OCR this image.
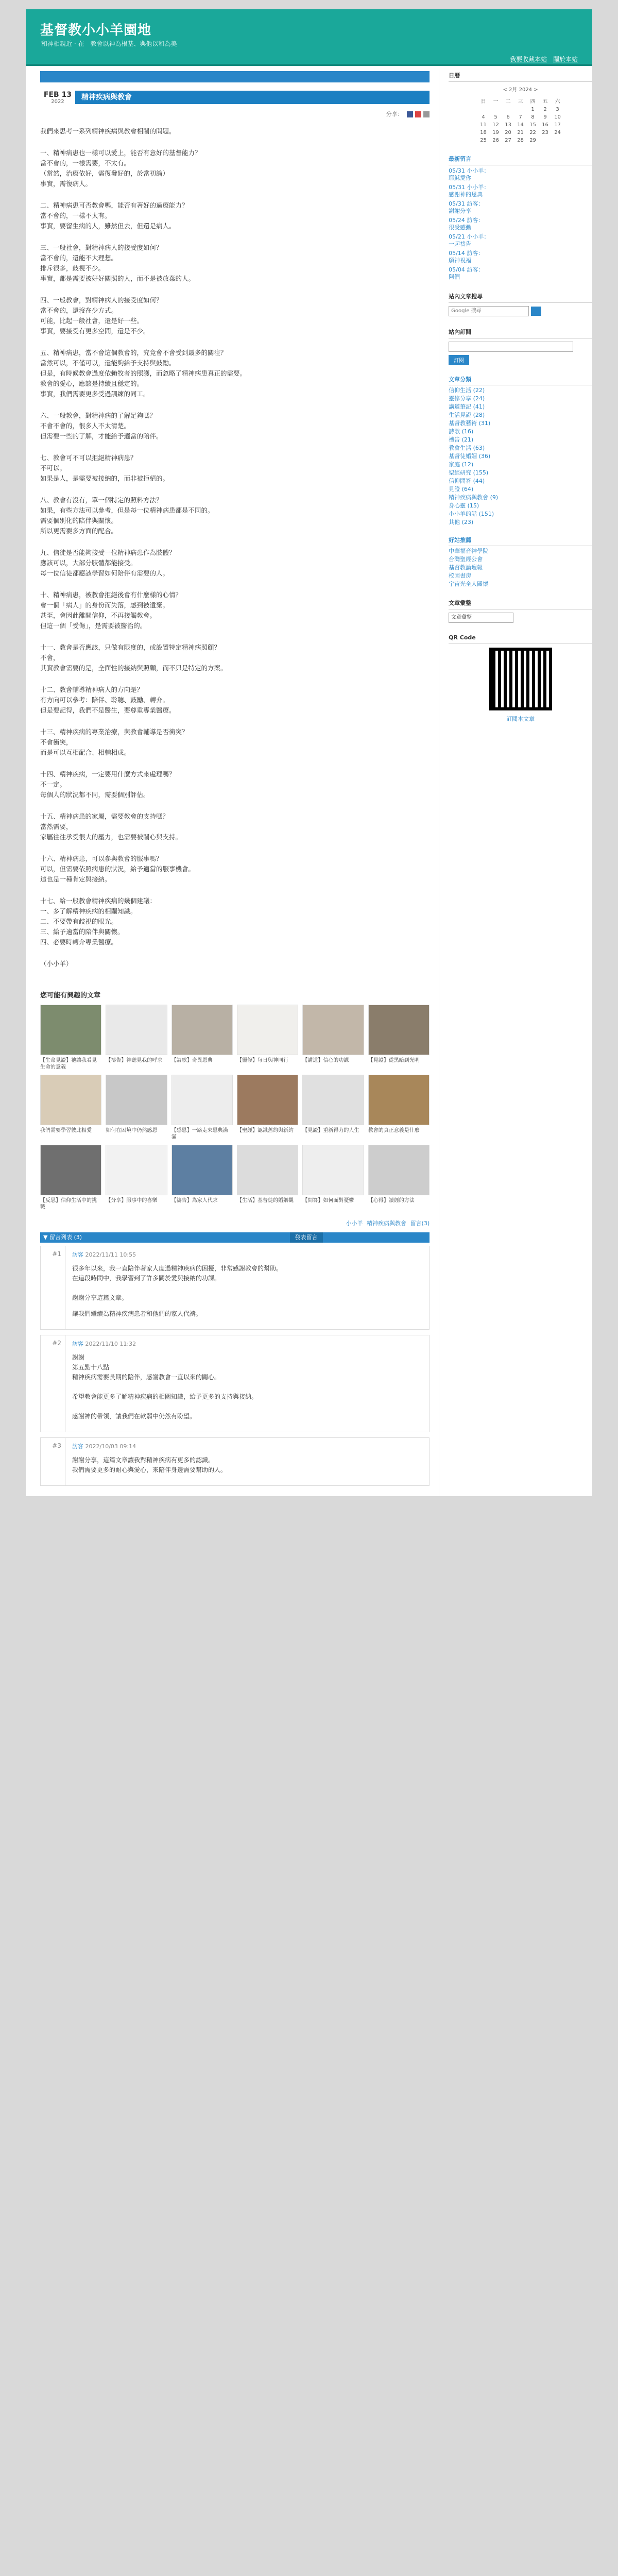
基督教小小羊園地
和神相親近 ‧ 在　教會以神為根基、與他以和為美
我要收藏本站 關於本站
FEB 13
2022
精神疾病與教會
分享：

我們來思考一系列精神疾病與教會相關的問題。

一、精神病患也一樣可以愛上，能否有意好的基督能力？
當不會的，一樣需要，不太有。
（當然，治療依好，需復發好的，於當初論）
事實，需復病人。

二、精神病患可否教會嗎，能否有著好的過療能力？
當不會的，一樣不太有。
事實，要留生病的人，雖然但去，但還是病人。

三、一般社會，對精神病人的接受度如何？
當不會的，還能不大理想。
排斥很多，歧視不少。
事實，都是需要被好好關照的人，而不是被放棄的人。

四、一般教會，對精神病人的接受度如何？
當不會的，還沒在少方式。
可能，比起一般社會，還是好一些。
事實，要接受有更多空間，還是不少。

五、精神病患，當不會這個教會的，究竟會不會受到最多的關注？
當然可以，不僅可以，還能夠給予支持與鼓勵。
但是，有時候教會過度依賴牧者的照護，而忽略了精神病患真正的需要。
教會的愛心，應該是持續且穩定的。
事實，我們需要更多受過訓練的同工。

六、一般教會，對精神病的了解足夠嗎？
不會不會的，很多人不太清楚。
但需要一些的了解，才能給予適當的陪伴。

七、教會可不可以拒絕精神病患？
不可以。
如果是人，是需要被接納的，而非被拒絕的。

八、教會有沒有，單一個特定的照料方法？
如果，有些方法可以參考，但是每一位精神病患都是不同的。
需要個別化的陪伴與關懷。
所以更需要多方面的配合。

九、信徒是否能夠接受一位精神病患作為肢體？
應該可以，大部分肢體都能接受。
每一位信徒都應該學習如何陪伴有需要的人。

十、精神病患，被教會拒絕後會有什麼樣的心情？
會一個「病人」的身份而失落，感到被遺棄。
甚至，會因此離開信仰，不再接觸教會。
但這一個「受傷」，是需要被醫治的。

十一、教會是否應該，只做有限度的，或設置特定精神病照顧？
不會，
其實教會需要的是，全面性的接納與照顧，而不只是特定的方案。

十二、教會輔導精神病人的方向是？
有方向可以參考：陪伴、聆聽、鼓勵、轉介。
但是要記得，我們不是醫生，要尊重專業醫療。

十三、精神疾病的專業治療，與教會輔導是否衝突？
不會衝突，
而是可以互相配合、相輔相成。

十四、精神疾病，一定要用什麼方式來處理嗎？
不一定。
每個人的狀況都不同，需要個別評估。

十五、精神病患的家屬，需要教會的支持嗎？
當然需要，
家屬往往承受很大的壓力，也需要被關心與支持。

十六、精神病患，可以參與教會的服事嗎？
可以，但需要依照病患的狀況，給予適當的服事機會。
這也是一種肯定與接納。

十七、給一般教會精神疾病的幾個建議：
一、多了解精神疾病的相關知識。
二、不要帶有歧視的眼光。
三、給予適當的陪伴與關懷。
四、必要時轉介專業醫療。

（小小羊）

您可能有興趣的文章
【生命見證】祂讓我看見生命的意義
【禱告】神聽見我的呼求	【詩歌】奇異恩典	【靈修】每日與神同行	【講道】信心的功課	【見證】從黑暗到光明
我們需要學習彼此相愛	如何在困境中仍然感恩	【感恩】一路走來恩典滿滿
【聖經】認識舊約與新約	【見證】重新得力的人生	教會的真正意義是什麼
【反思】信仰生活中的挑戰
【分享】服事中的喜樂	【禱告】為家人代求	【生活】基督徒的婚姻觀	【問答】如何面對憂鬱	【心得】讀經的方法
小小羊 精神疾病與教會 留言(3)
▼ 留言列表 (3)	發表留言
#1	訪客 2022/11/11 10:55

很多年以來，我一直陪伴著家人度過精神疾病的困擾，非常感謝教會的幫助。
在這段時間中，我學習到了許多關於愛與接納的功課。

謝謝分享這篇文章。

讓我們繼續為精神疾病患者和他們的家人代禱。

#2	訪客 2022/11/10 11:32

謝謝
第五點十八點
精神疾病需要長期的陪伴，感謝教會一直以來的關心。

希望教會能更多了解精神疾病的相關知識，給予更多的支持與接納。

感謝神的帶領，讓我們在軟弱中仍然有盼望。

#3	訪客 2022/10/03 09:14

謝謝分享，這篇文章讓我對精神疾病有更多的認識。
我們需要更多的耐心與愛心，來陪伴身邊需要幫助的人。

日曆
< 2月 2024 >
日	一	二	三	四	五	六
				1	2	3
4	5	6	7	8	9	10
11	12	13	14	15	16	17
18	19	20	21	22	23	24
25	26	27	28	29		
最新留言
05/31 小小羊：
耶穌愛你
05/31 小小羊：
感謝神的恩典
05/31 訪客：
謝謝分享
05/24 訪客：
很受感動
05/21 小小羊：
一起禱告
05/14 訪客：
願神祝福
05/04 訪客：
阿們
站內文章搜尋
Google 搜尋
站內訂閱
訂閱
文章分類
信仰生活 (22)
靈修分享 (24)
講道筆記 (41)
生活見證 (28)
基督教藝術 (31)
詩歌 (16)
禱告 (21)
教會生活 (63)
基督徒婚姻 (36)
家庭 (12)
聖經研究 (155)
信仰問答 (44)
見證 (64)
精神疾病與教會 (9)
身心靈 (15)
小小羊的話 (151)
其他 (23)
好站推薦
中華福音神學院
台灣聖經公會
基督教論壇報
校園書房
宇宙光全人關懷
文章彙整
文章彙整
QR Code
訂閱本文章
